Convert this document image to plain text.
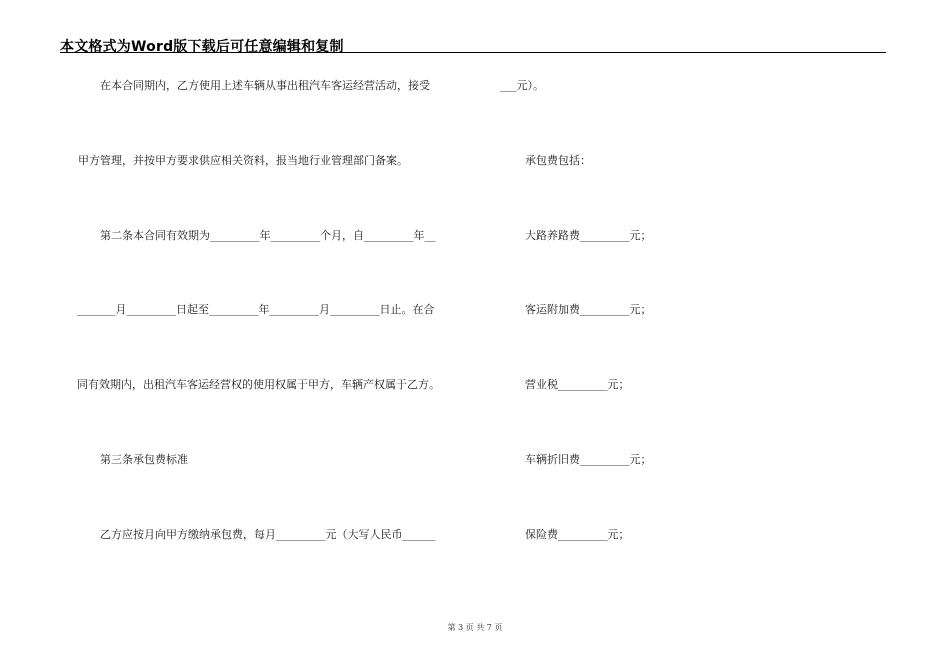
本文格式为Word版下载后可任意编辑和复制
在本合同期内，乙方使用上述车辆从事出租汽车客运经营活动，接受
甲方管理，并按甲方要求供应相关资料，报当地行业管理部门备案。
第二条本合同有效期为_________年_________个月，自_________年__
_______月_________日起至_________年_________月_________日止。在合
同有效期内，出租汽车客运经营权的使用权属于甲方，车辆产权属于乙方。
第三条承包费标准
乙方应按月向甲方缴纳承包费，每月_________元（大写人民币______
___元）。
承包费包括：
大路养路费_________元；
客运附加费_________元；
营业税_________元；
车辆折旧费_________元；
保险费_________元；
第 3 页 共 7 页
